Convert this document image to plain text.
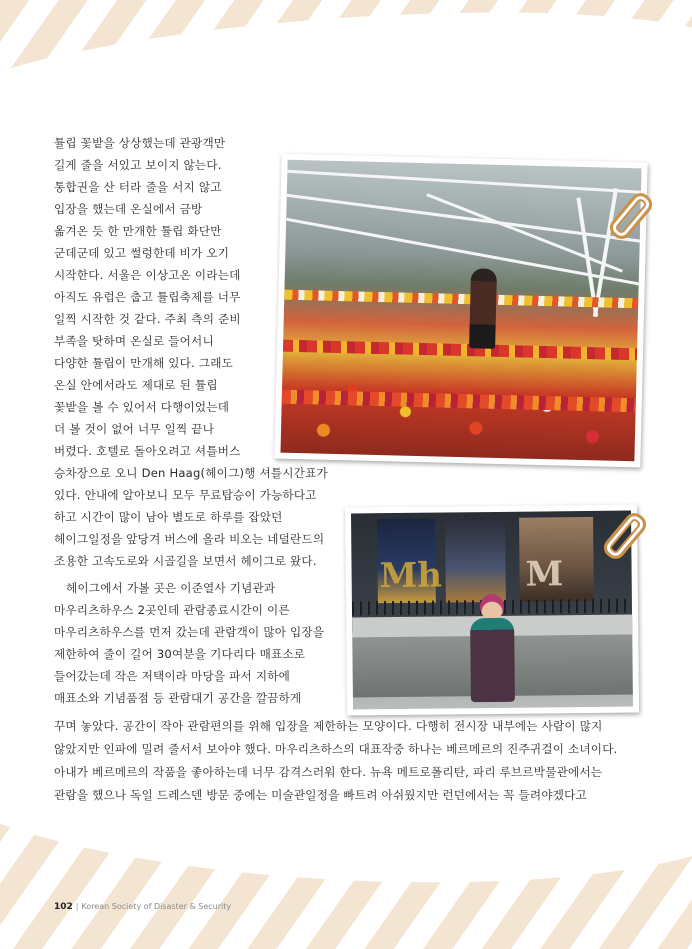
튤립 꽃밭을 상상했는데 관광객만
길게 줄을 서있고 보이지 않는다.
통합권을 산 터라 줄을 서지 않고
입장을 했는데 온실에서 금방
옮겨온 듯 한 만개한 튤립 화단만
군데군데 있고 썰렁한데 비가 오기
시작한다. 서울은 이상고온 이라는데
아직도 유럽은 춥고 튤립축제를 너무
일찍 시작한 것 같다. 주최 측의 준비
부족을 탓하며 온실로 들어서니
다양한 튤립이 만개해 있다. 그래도
온실 안에서라도 제대로 된 튤립
꽃밭을 볼 수 있어서 다행이었는데
더 볼 것이 없어 너무 일찍 끝나
버렸다. 호텔로 돌아오려고 셔틀버스
승차장으로 오니 Den Haag(헤이그)행 셔틀시간표가
있다. 안내에 알아보니 모두 무료탑승이 가능하다고
하고 시간이 많이 남아 별도로 하루를 잡았던
헤이그일정을 앞당겨 버스에 올라 비오는 네덜란드의
조용한 고속도로와 시골길을 보면서 헤이그로 왔다.
헤이그에서 가볼 곳은 이준열사 기념관과
마우리츠하우스 2곳인데 관람종료시간이 이른
마우리츠하우스를 먼저 갔는데 관람객이 많아 입장을
제한하여 줄이 길어 30여분을 기다리다 매표소로
들어갔는데 작은 저택이라 마당을 파서 지하에
매표소와 기념품점 등 관람대기 공간을 깔끔하게
꾸며 놓았다. 공간이 작아 관람편의를 위해 입장을 제한하는 모양이다. 다행히 전시장 내부에는 사람이 많지
않았지만 인파에 밀려 줄서서 보아야 했다. 마우리츠하스의 대표작중 하나는 베르메르의 진주귀걸이 소녀이다.
아내가 베르메르의 작품을 좋아하는데 너무 감격스러워 한다. 뉴욕 메트로폴리탄, 파리 루브르박물관에서는
관람을 했으나 독일 드레스덴 방문 중에는 미술관일정을 빠트려 아쉬웠지만 런던에서는 꼭 들려야겠다고
Mh M
102 | Korean Society of Disaster & Security
